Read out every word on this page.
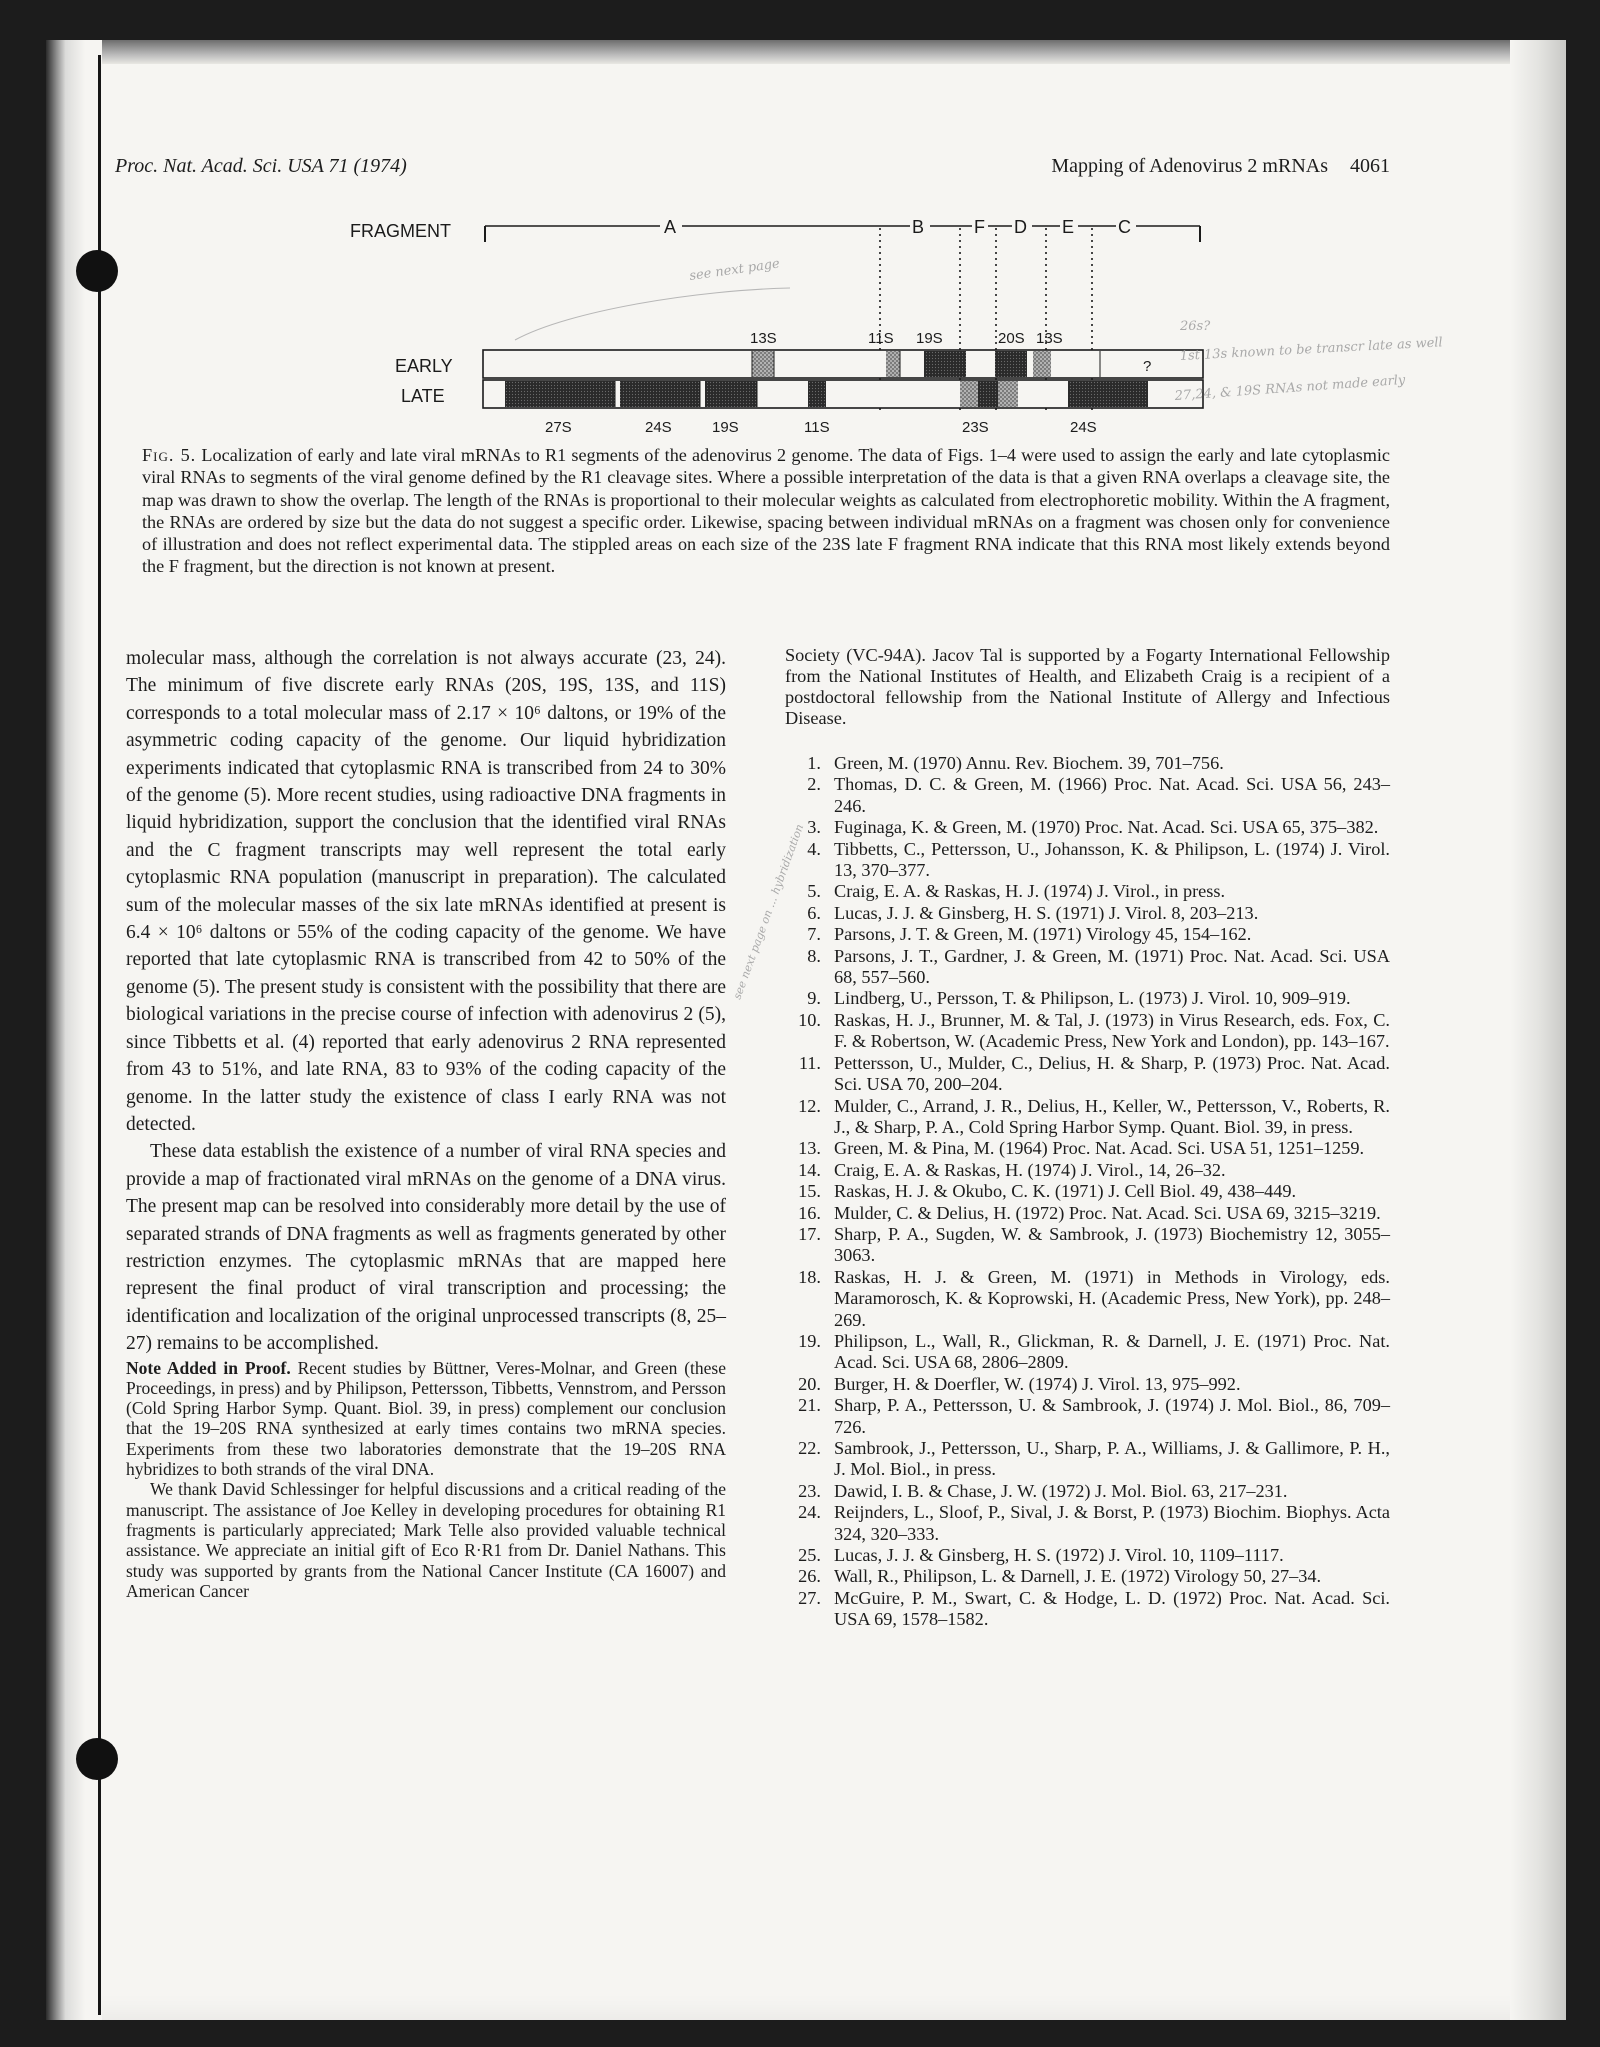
Proc. Nat. Acad. Sci. USA 71 (1974)	Mapping of Adenovirus 2 mRNAs 4061
FRAGMENT	A	B	F D E C
see next page
26s?
EARLY
LATE
?
13S	11S 19S	20S 13S
27S	24S	19S	11S	23S	24S
1st 13s known to be transcr late as well
Fig. 5. Localization of early and late viral mRNAs to R1 segments of the adenovirus 2 genome. The data of Figs. 1–4 were used to assign the early and late cytoplasmic viral RNAs to segments of the viral genome defined by the R1 cleavage sites. Where a possible interpretation of the data is that a given RNA overlaps a cleavage site, the map was drawn to show the overlap. The length of the RNAs is proportional to their molecular weights as calculated from electrophoretic mobility. Within the A fragment, the RNAs are ordered by size but the data do not suggest a specific order. Likewise, spacing between individual mRNAs on a fragment was chosen only for convenience of illustration and does not reflect experimental data. The stippled areas on each size of the 23S late F fragment RNA indicate that this RNA most likely extends beyond the F fragment, but the direction is not known at present.

molecular mass, although the correlation is not always accurate (23, 24). The minimum of five discrete early RNAs (20S, 19S, 13S, and 11S) corresponds to a total molecular mass of 2.17 × 10⁶ daltons, or 19% of the asymmetric coding capacity of the genome. Our liquid hybridization experiments indicated that cytoplasmic RNA is transcribed from 24 to 30% of the genome (5). More recent studies, using radioactive DNA fragments in liquid hybridization, support the conclusion that the identified viral RNAs and the C fragment transcripts may well represent the total early cytoplasmic RNA population (manuscript in preparation). The calculated sum of the molecular masses of the six late mRNAs identified at present is 6.4 × 10⁶ daltons or 55% of the coding capacity of the genome. We have reported that late cytoplasmic RNA is transcribed from 42 to 50% of the genome (5). The present study is consistent with the possibility that there are biological variations in the precise course of infection with adenovirus 2 (5), since Tibbetts et al. (4) reported that early adenovirus 2 RNA represented from 43 to 51%, and late RNA, 83 to 93% of the coding capacity of the genome. In the latter study the existence of class I early RNA was not detected.

These data establish the existence of a number of viral RNA species and provide a map of fractionated viral mRNAs on the genome of a DNA virus. The present map can be resolved into considerably more detail by the use of separated strands of DNA fragments as well as fragments generated by other restriction enzymes. The cytoplasmic mRNAs that are mapped here represent the final product of viral transcription and processing; the identification and localization of the original unprocessed transcripts (8, 25–27) remains to be accomplished.

Note Added in Proof. Recent studies by Büttner, Veres-Molnar, and Green (these Proceedings, in press) and by Philipson, Pettersson, Tibbetts, Vennstrom, and Persson (Cold Spring Harbor Symp. Quant. Biol. 39, in press) complement our conclusion that the 19–20S RNA synthesized at early times contains two mRNA species. Experiments from these two laboratories demonstrate that the 19–20S RNA hybridizes to both strands of the viral DNA.

We thank David Schlessinger for helpful discussions and a critical reading of the manuscript. The assistance of Joe Kelley in developing procedures for obtaining R1 fragments is particularly appreciated; Mark Telle also provided valuable technical assistance. We appreciate an initial gift of Eco R·R1 from Dr. Daniel Nathans. This study was supported by grants from the National Cancer Institute (CA 16007) and American Cancer

Society (VC-94A). Jacov Tal is supported by a Fogarty International Fellowship from the National Institutes of Health, and Elizabeth Craig is a recipient of a postdoctoral fellowship from the National Institute of Allergy and Infectious Disease.

1. Green, M. (1970) Annu. Rev. Biochem. 39, 701–756.
2. Thomas, D. C. & Green, M. (1966) Proc. Nat. Acad. Sci. USA 56, 243–246.
3. Fuginaga, K. & Green, M. (1970) Proc. Nat. Acad. Sci. USA 65, 375–382.
4. Tibbetts, C., Pettersson, U., Johansson, K. & Philipson, L. (1974) J. Virol. 13, 370–377.
5. Craig, E. A. & Raskas, H. J. (1974) J. Virol., in press.
6. Lucas, J. J. & Ginsberg, H. S. (1971) J. Virol. 8, 203–213.
7. Parsons, J. T. & Green, M. (1971) Virology 45, 154–162.
8. Parsons, J. T., Gardner, J. & Green, M. (1971) Proc. Nat. Acad. Sci. USA 68, 557–560.
9. Lindberg, U., Persson, T. & Philipson, L. (1973) J. Virol. 10, 909–919.
10. Raskas, H. J., Brunner, M. & Tal, J. (1973) in Virus Research, eds. Fox, C. F. & Robertson, W. (Academic Press, New York and London), pp. 143–167.
11. Pettersson, U., Mulder, C., Delius, H. & Sharp, P. (1973) Proc. Nat. Acad. Sci. USA 70, 200–204.
12. Mulder, C., Arrand, J. R., Delius, H., Keller, W., Pettersson, V., Roberts, R. J., & Sharp, P. A., Cold Spring Harbor Symp. Quant. Biol. 39, in press.
13. Green, M. & Pina, M. (1964) Proc. Nat. Acad. Sci. USA 51, 1251–1259.
14. Craig, E. A. & Raskas, H. (1974) J. Virol., 14, 26–32.
15. Raskas, H. J. & Okubo, C. K. (1971) J. Cell Biol. 49, 438–449.
16. Mulder, C. & Delius, H. (1972) Proc. Nat. Acad. Sci. USA 69, 3215–3219.
17. Sharp, P. A., Sugden, W. & Sambrook, J. (1973) Biochemistry 12, 3055–3063.
18. Raskas, H. J. & Green, M. (1971) in Methods in Virology, eds. Maramorosch, K. & Koprowski, H. (Academic Press, New York), pp. 248–269.
19. Philipson, L., Wall, R., Glickman, R. & Darnell, J. E. (1971) Proc. Nat. Acad. Sci. USA 68, 2806–2809.
20. Burger, H. & Doerfler, W. (1974) J. Virol. 13, 975–992.
21. Sharp, P. A., Pettersson, U. & Sambrook, J. (1974) J. Mol. Biol., 86, 709–726.
22. Sambrook, J., Pettersson, U., Sharp, P. A., Williams, J. & Gallimore, P. H., J. Mol. Biol., in press.
23. Dawid, I. B. & Chase, J. W. (1972) J. Mol. Biol. 63, 217–231.
24. Reijnders, L., Sloof, P., Sival, J. & Borst, P. (1973) Biochim. Biophys. Acta 324, 320–333.
25. Lucas, J. J. & Ginsberg, H. S. (1972) J. Virol. 10, 1109–1117.
26. Wall, R., Philipson, L. & Darnell, J. E. (1972) Virology 50, 27–34.
27. McGuire, P. M., Swart, C. & Hodge, L. D. (1972) Proc. Nat. Acad. Sci. USA 69, 1578–1582.
27,24, & 19S RNAs not made early
see next page on ... hybridization
